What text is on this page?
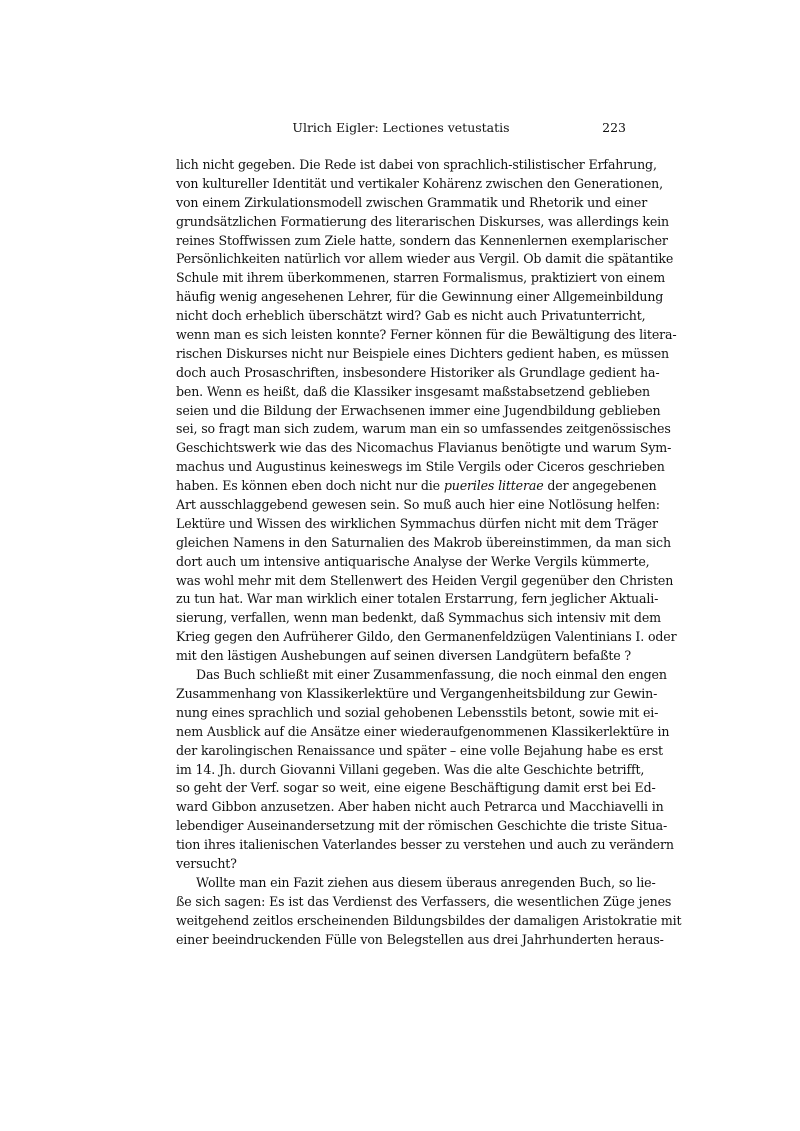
Ulrich Eigler: Lectiones vetustatis	223
lich nicht gegeben. Die Rede ist dabei von sprachlich-stilistischer Erfahrung,
von kultureller Identität und vertikaler Kohärenz zwischen den Generationen,
von einem Zirkulationsmodell zwischen Grammatik und Rhetorik und einer
grundsätzlichen Formatierung des literarischen Diskurses, was allerdings kein
reines Stoffwissen zum Ziele hatte, sondern das Kennenlernen exemplarischer
Persönlichkeiten natürlich vor allem wieder aus Vergil. Ob damit die spätantike
Schule mit ihrem überkommenen, starren Formalismus, praktiziert von einem
häufig wenig angesehenen Lehrer, für die Gewinnung einer Allgemeinbildung
nicht doch erheblich überschätzt wird? Gab es nicht auch Privatunterricht,
wenn man es sich leisten konnte? Ferner können für die Bewältigung des litera-
rischen Diskurses nicht nur Beispiele eines Dichters gedient haben, es müssen
doch auch Prosaschriften, insbesondere Historiker als Grundlage gedient ha-
ben. Wenn es heißt, daß die Klassiker insgesamt maßstabsetzend geblieben
seien und die Bildung der Erwachsenen immer eine Jugendbildung geblieben
sei, so fragt man sich zudem, warum man ein so umfassendes zeitgenössisches
Geschichtswerk wie das des Nicomachus Flavianus benötigte und warum Sym-
machus und Augustinus keineswegs im Stile Vergils oder Ciceros geschrieben
haben. Es können eben doch nicht nur die pueriles litterae der angegebenen
Art ausschlaggebend gewesen sein. So muß auch hier eine Notlösung helfen:
Lektüre und Wissen des wirklichen Symmachus dürfen nicht mit dem Träger
gleichen Namens in den Saturnalien des Makrob übereinstimmen, da man sich
dort auch um intensive antiquarische Analyse der Werke Vergils kümmerte,
was wohl mehr mit dem Stellenwert des Heiden Vergil gegenüber den Christen
zu tun hat. War man wirklich einer totalen Erstarrung, fern jeglicher Aktuali-
sierung, verfallen, wenn man bedenkt, daß Symmachus sich intensiv mit dem
Krieg gegen den Aufrüherer Gildo, den Germanenfeldzügen Valentinians I. oder
mit den lästigen Aushebungen auf seinen diversen Landgütern befaßte ?
Das Buch schließt mit einer Zusammenfassung, die noch einmal den engen
Zusammenhang von Klassikerlektüre und Vergangenheitsbildung zur Gewin-
nung eines sprachlich und sozial gehobenen Lebensstils betont, sowie mit ei-
nem Ausblick auf die Ansätze einer wiederaufgenommenen Klassikerlektüre in
der karolingischen Renaissance und später – eine volle Bejahung habe es erst
im 14. Jh. durch Giovanni Villani gegeben. Was die alte Geschichte betrifft,
so geht der Verf. sogar so weit, eine eigene Beschäftigung damit erst bei Ed-
ward Gibbon anzusetzen. Aber haben nicht auch Petrarca und Macchiavelli in
lebendiger Auseinandersetzung mit der römischen Geschichte die triste Situa-
tion ihres italienischen Vaterlandes besser zu verstehen und auch zu verändern
versucht?
Wollte man ein Fazit ziehen aus diesem überaus anregenden Buch, so lie-
ße sich sagen: Es ist das Verdienst des Verfassers, die wesentlichen Züge jenes
weitgehend zeitlos erscheinenden Bildungsbildes der damaligen Aristokratie mit
einer beeindruckenden Fülle von Belegstellen aus drei Jahrhunderten heraus-
